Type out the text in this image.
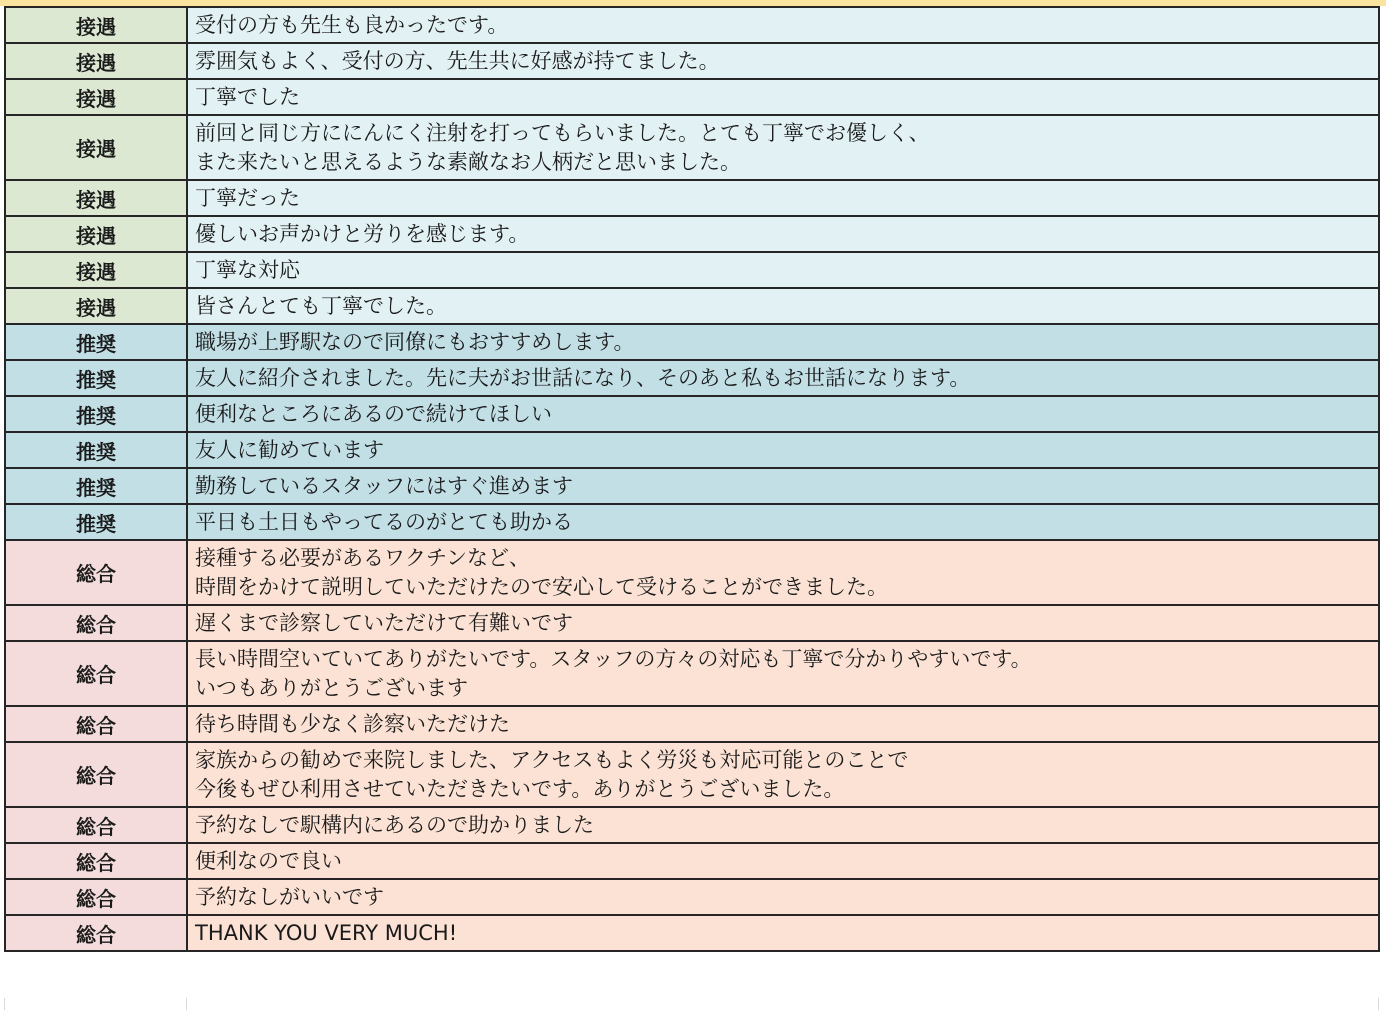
接遇	受付の方も先生も良かったです。
接遇	雰囲気もよく、受付の方、先生共に好感が持てました。
接遇	丁寧でした
接遇	前回と同じ方ににんにく注射を打ってもらいました。とても丁寧でお優しく、
また来たいと思えるような素敵なお人柄だと思いました。
接遇	丁寧だった
接遇	優しいお声かけと労りを感じます。
接遇	丁寧な対応
接遇	皆さんとても丁寧でした。
推奨	職場が上野駅なので同僚にもおすすめします。
推奨	友人に紹介されました。先に夫がお世話になり、そのあと私もお世話になります。
推奨	便利なところにあるので続けてほしい
推奨	友人に勧めています
推奨	勤務しているスタッフにはすぐ進めます
推奨	平日も土日もやってるのがとても助かる
総合	接種する必要があるワクチンなど、
時間をかけて説明していただけたので安心して受けることができました。
総合	遅くまで診察していただけて有難いです
総合	長い時間空いていてありがたいです。スタッフの方々の対応も丁寧で分かりやすいです。
いつもありがとうございます
総合	待ち時間も少なく診察いただけた
総合	家族からの勧めで来院しました、アクセスもよく労災も対応可能とのことで
今後もぜひ利用させていただきたいです。ありがとうございました。
総合	予約なしで駅構内にあるので助かりました
総合	便利なので良い
総合	予約なしがいいです
総合	THANK YOU VERY MUCH!
